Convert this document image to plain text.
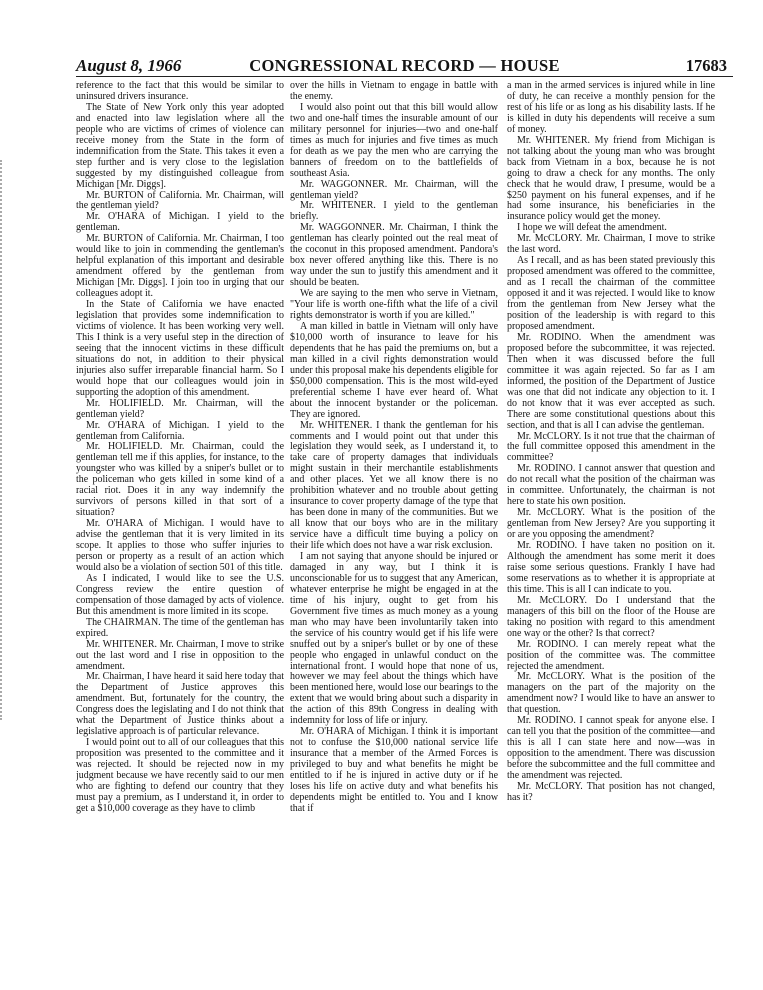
August 8, 1966	CONGRESSIONAL RECORD — HOUSE	17683

reference to the fact that this would be similar to uninsured drivers insurance.

The State of New York only this year adopted and enacted into law legislation where all the people who are victims of crimes of violence can receive money from the State in the form of indemnification from the State. This takes it even a step further and is very close to the legislation suggested by my distinguished colleague from Michigan [Mr. Diggs].

Mr. BURTON of California. Mr. Chairman, will the gentleman yield?

Mr. O'HARA of Michigan. I yield to the gentleman.

Mr. BURTON of California. Mr. Chairman, I too would like to join in commending the gentleman's helpful explanation of this important and desirable amendment offered by the gentleman from Michigan [Mr. Diggs]. I join too in urging that our colleagues adopt it.

In the State of California we have enacted legislation that provides some indemnification to victims of violence. It has been working very well. This I think is a very useful step in the direction of seeing that the innocent victims in these difficult situations do not, in addition to their physical injuries also suffer irreparable financial harm. So I would hope that our colleagues would join in supporting the adoption of this amendment.

Mr. HOLIFIELD. Mr. Chairman, will the gentleman yield?

Mr. O'HARA of Michigan. I yield to the gentleman from California.

Mr. HOLIFIELD. Mr. Chairman, could the gentleman tell me if this applies, for instance, to the youngster who was killed by a sniper's bullet or to the policeman who gets killed in some kind of a racial riot. Does it in any way indemnify the survivors of persons killed in that sort of a situation?

Mr. O'HARA of Michigan. I would have to advise the gentleman that it is very limited in its scope. It applies to those who suffer injuries to person or property as a result of an action which would also be a violation of section 501 of this title.

As I indicated, I would like to see the U.S. Congress review the entire question of compensation of those damaged by acts of violence. But this amendment is more limited in its scope.

The CHAIRMAN. The time of the gentleman has expired.

Mr. WHITENER. Mr. Chairman, I move to strike out the last word and I rise in opposition to the amendment.

Mr. Chairman, I have heard it said here today that the Department of Justice approves this amendment. But, fortunately for the country, the Congress does the legislating and I do not think that what the Department of Justice thinks about a legislative approach is of particular relevance.

I would point out to all of our colleagues that this proposition was presented to the committee and it was rejected. It should be rejected now in my judgment because we have recently said to our men who are fighting to defend our country that they must pay a premium, as I understand it, in order to get a $10,000 coverage as they have to climb

over the hills in Vietnam to engage in battle with the enemy.

I would also point out that this bill would allow two and one-half times the insurable amount of our military personnel for injuries—two and one-half times as much for injuries and five times as much for death as we pay the men who are carrying the banners of freedom on to the battlefields of southeast Asia.

Mr. WAGGONNER. Mr. Chairman, will the gentleman yield?

Mr. WHITENER. I yield to the gentleman briefly.

Mr. WAGGONNER. Mr. Chairman, I think the gentleman has clearly pointed out the real meat of the coconut in this proposed amendment. Pandora's box never offered anything like this. There is no way under the sun to justify this amendment and it should be beaten.

We are saying to the men who serve in Vietnam, "Your life is worth one-fifth what the life of a civil rights demonstrator is worth if you are killed."

A man killed in battle in Vietnam will only have $10,000 worth of insurance to leave for his dependents that he has paid the premiums on, but a man killed in a civil rights demonstration would under this proposal make his dependents eligible for $50,000 compensation. This is the most wild-eyed preferential scheme I have ever heard of. What about the innocent bystander or the policeman. They are ignored.

Mr. WHITENER. I thank the gentleman for his comments and I would point out that under this legislation they would seek, as I understand it, to take care of property damages that individuals might sustain in their merchantile establishments and other places. Yet we all know there is no prohibition whatever and no trouble about getting insurance to cover property damage of the type that has been done in many of the communities. But we all know that our boys who are in the military service have a difficult time buying a policy on their life which does not have a war risk exclusion.

I am not saying that anyone should be injured or damaged in any way, but I think it is unconscionable for us to suggest that any American, whatever enterprise he might be engaged in at the time of his injury, ought to get from his Government five times as much money as a young man who may have been involuntarily taken into the service of his country would get if his life were snuffed out by a sniper's bullet or by one of these people who engaged in unlawful conduct on the international front. I would hope that none of us, however we may feel about the things which have been mentioned here, would lose our bearings to the extent that we would bring about such a disparity in the action of this 89th Congress in dealing with indemnity for loss of life or injury.

Mr. O'HARA of Michigan. I think it is important not to confuse the $10,000 national service life insurance that a member of the Armed Forces is privileged to buy and what benefits he might be entitled to if he is injured in active duty or if he loses his life on active duty and what benefits his dependents might be entitled to. You and I know that if

a man in the armed services is injured while in line of duty, he can receive a monthly pension for the rest of his life or as long as his disability lasts. If he is killed in duty his dependents will receive a sum of money.

Mr. WHITENER. My friend from Michigan is not talking about the young man who was brought back from Vietnam in a box, because he is not going to draw a check for any months. The only check that he would draw, I presume, would be a $250 payment on his funeral expenses, and if he had some insurance, his beneficiaries in the insurance policy would get the money.

I hope we will defeat the amendment.

Mr. McCLORY. Mr. Chairman, I move to strike the last word.

As I recall, and as has been stated previously this proposed amendment was offered to the committee, and as I recall the chairman of the committee opposed it and it was rejected. I would like to know from the gentleman from New Jersey what the position of the leadership is with regard to this proposed amendment.

Mr. RODINO. When the amendment was proposed before the subcommittee, it was rejected. Then when it was discussed before the full committee it was again rejected. So far as I am informed, the position of the Department of Justice was one that did not indicate any objection to it. I do not know that it was ever accepted as such. There are some constitutional questions about this section, and that is all I can advise the gentleman.

Mr. McCLORY. Is it not true that the chairman of the full committee opposed this amendment in the committee?

Mr. RODINO. I cannot answer that question and do not recall what the position of the chairman was in committee. Unfortunately, the chairman is not here to state his own position.

Mr. McCLORY. What is the position of the gentleman from New Jersey? Are you supporting it or are you opposing the amendment?

Mr. RODINO. I have taken no position on it. Although the amendment has some merit it does raise some serious questions. Frankly I have had some reservations as to whether it is appropriate at this time. This is all I can indicate to you.

Mr. McCLORY. Do I understand that the managers of this bill on the floor of the House are taking no position with regard to this amendment one way or the other? Is that correct?

Mr. RODINO. I can merely repeat what the position of the committee was. The committee rejected the amendment.

Mr. McCLORY. What is the position of the managers on the part of the majority on the amendment now? I would like to have an answer to that question.

Mr. RODINO. I cannot speak for anyone else. I can tell you that the position of the committee—and this is all I can state here and now—was in opposition to the amendment. There was discussion before the subcommittee and the full committee and the amendment was rejected.

Mr. McCLORY. That position has not changed, has it?
